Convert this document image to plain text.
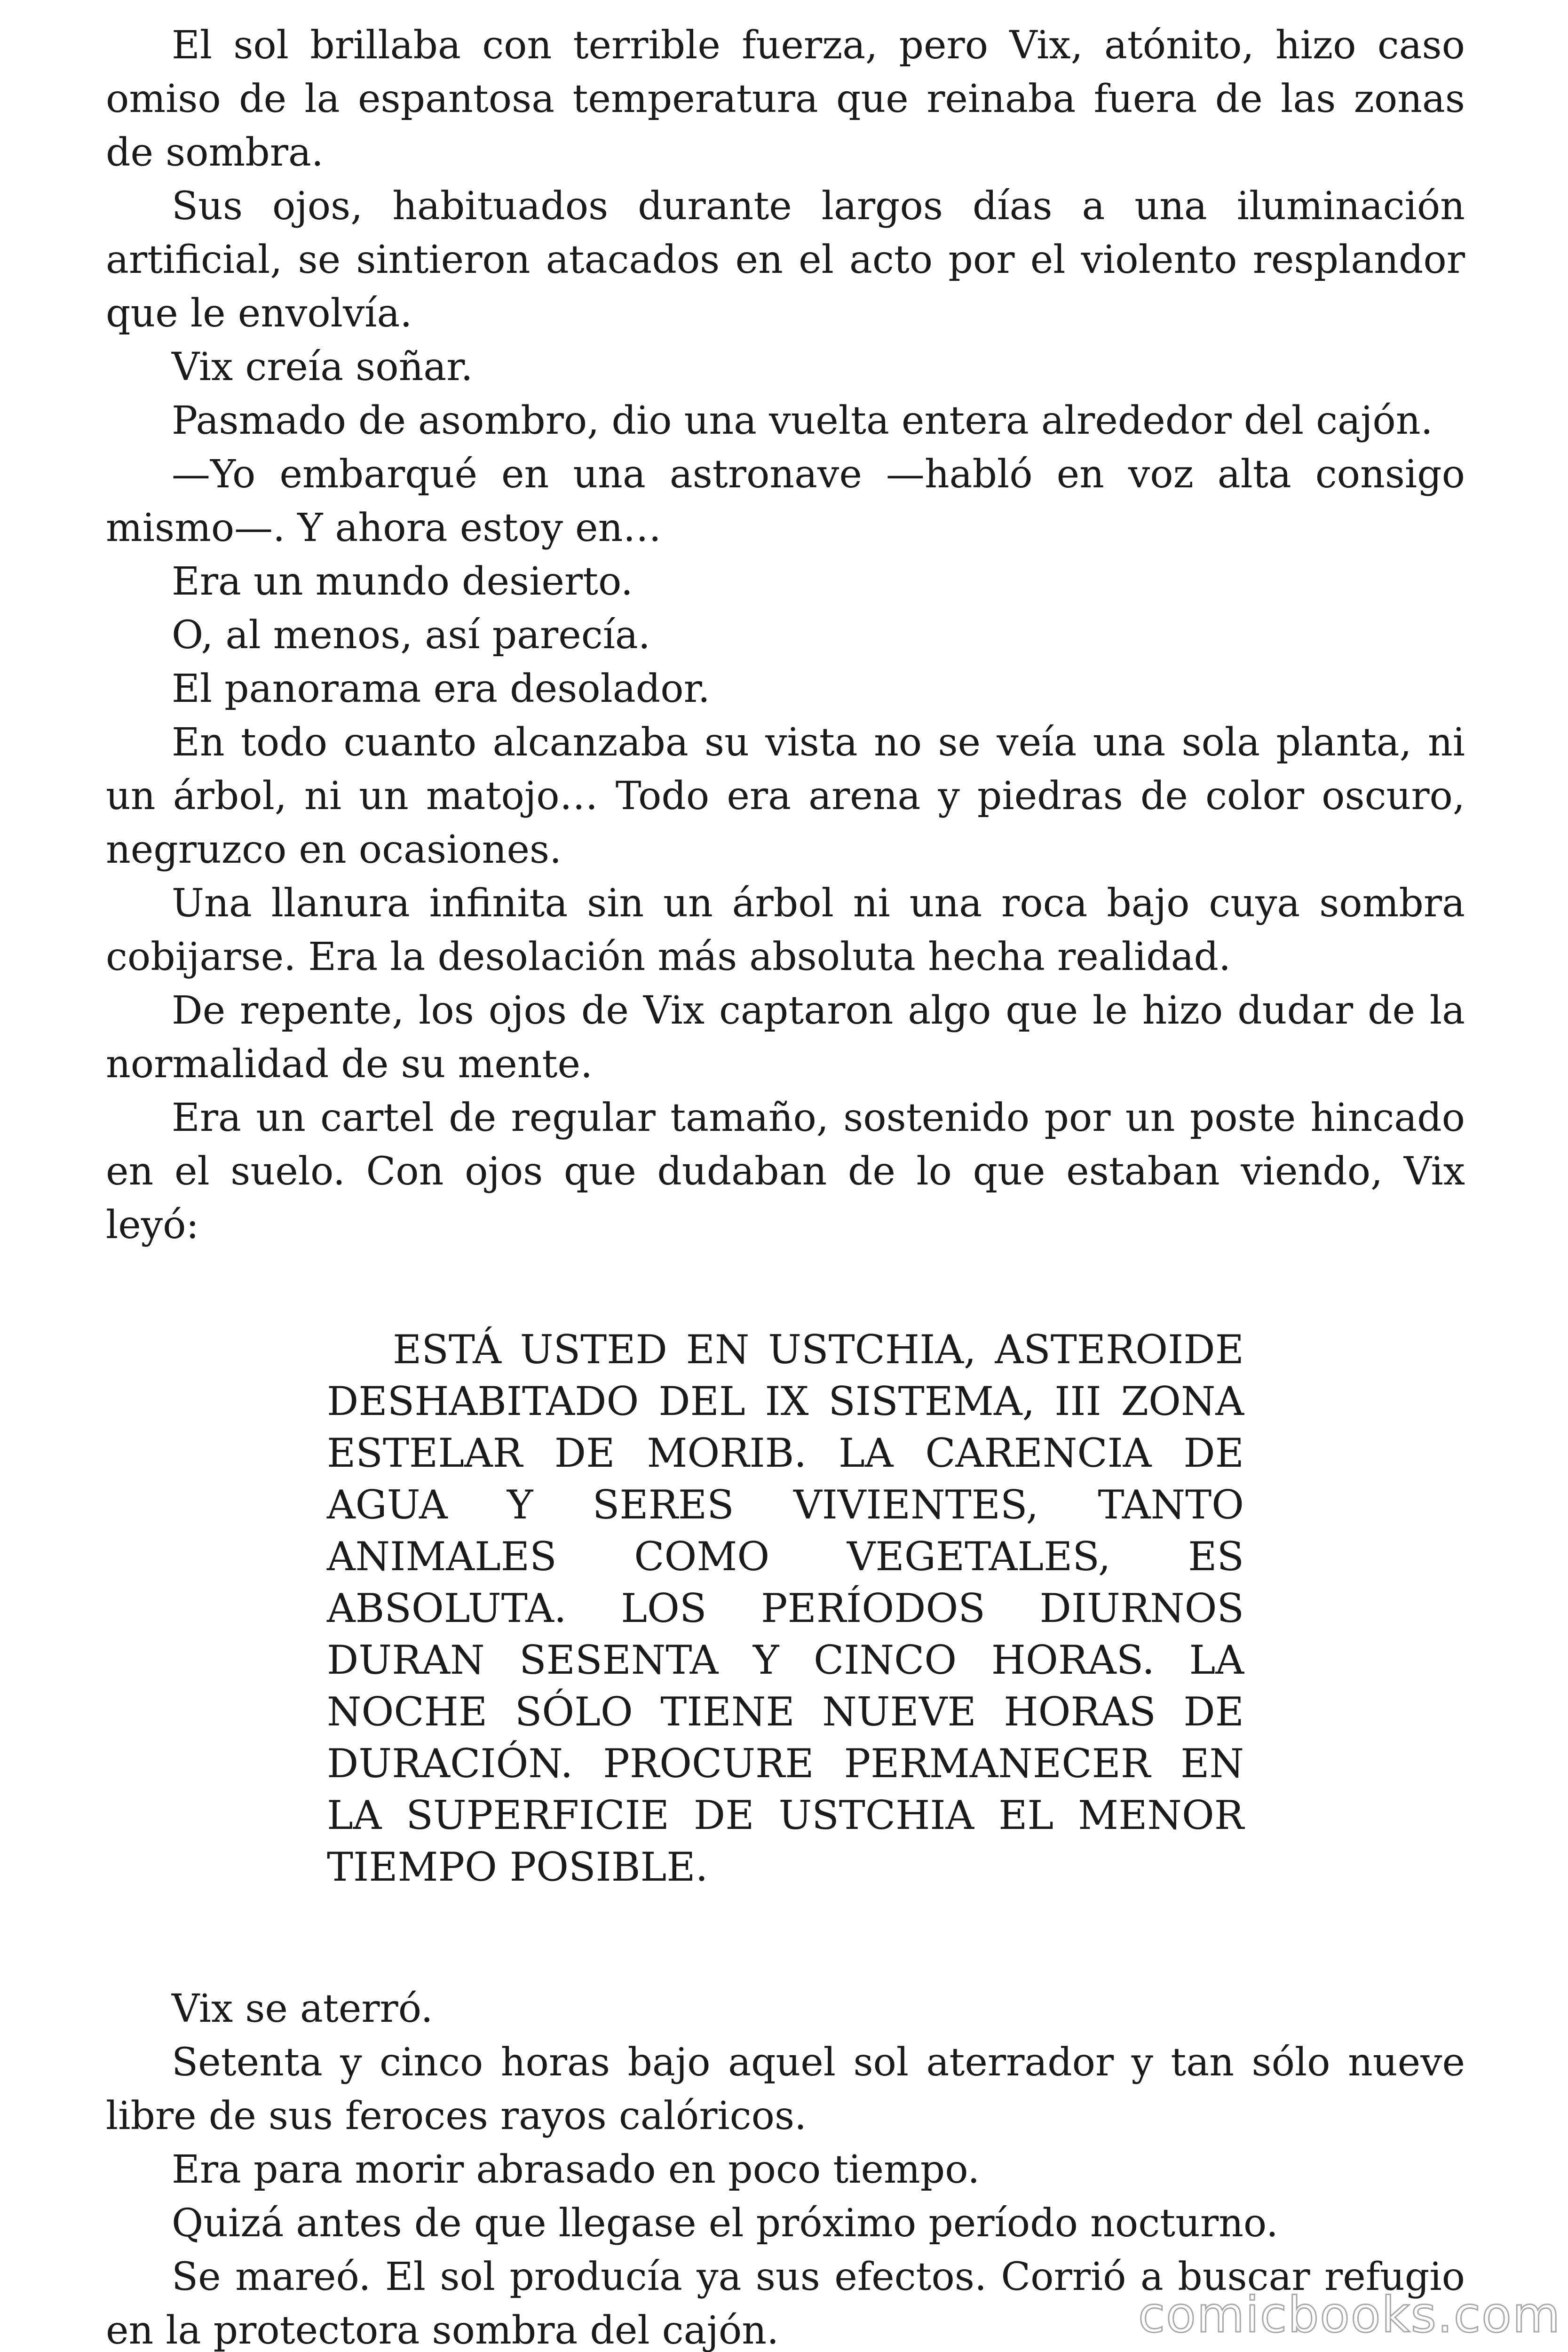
El sol brillaba con terrible fuerza, pero Vix, atónito, hizo caso omiso de la espantosa temperatura que reinaba fuera de las zonas de sombra.

Sus ojos, habituados durante largos días a una iluminación artificial, se sintieron atacados en el acto por el violento resplandor que le envolvía.

Vix creía soñar.

Pasmado de asombro, dio una vuelta entera alrededor del cajón.

—Yo embarqué en una astronave —habló en voz alta consigo mismo—. Y ahora estoy en…

Era un mundo desierto.

O, al menos, así parecía.

El panorama era desolador.

En todo cuanto alcanzaba su vista no se veía una sola planta, ni un árbol, ni un matojo… Todo era arena y piedras de color oscuro, negruzco en ocasiones.

Una llanura infinita sin un árbol ni una roca bajo cuya sombra cobijarse. Era la desolación más absoluta hecha realidad.

De repente, los ojos de Vix captaron algo que le hizo dudar de la normalidad de su mente.

Era un cartel de regular tamaño, sostenido por un poste hincado en el suelo. Con ojos que dudaban de lo que estaban viendo, Vix leyó:

ESTÁ USTED EN USTCHIA, ASTEROIDE DESHABITADO DEL IX SISTEMA, III ZONA ESTELAR DE MORIB. LA CARENCIA DE AGUA Y SERES VIVIENTES, TANTO ANIMALES COMO VEGETALES, ES ABSOLUTA. LOS PERÍODOS DIURNOS DURAN SESENTA Y CINCO HORAS. LA NOCHE SÓLO TIENE NUEVE HORAS DE DURACIÓN. PROCURE PERMANECER EN LA SUPERFICIE DE USTCHIA EL MENOR TIEMPO POSIBLE.

Vix se aterró.

Setenta y cinco horas bajo aquel sol aterrador y tan sólo nueve libre de sus feroces rayos calóricos.

Era para morir abrasado en poco tiempo.

Quizá antes de que llegase el próximo período nocturno.

Se mareó. El sol producía ya sus efectos. Corrió a buscar refugio en la protectora sombra del cajón.	comicbooks.com
